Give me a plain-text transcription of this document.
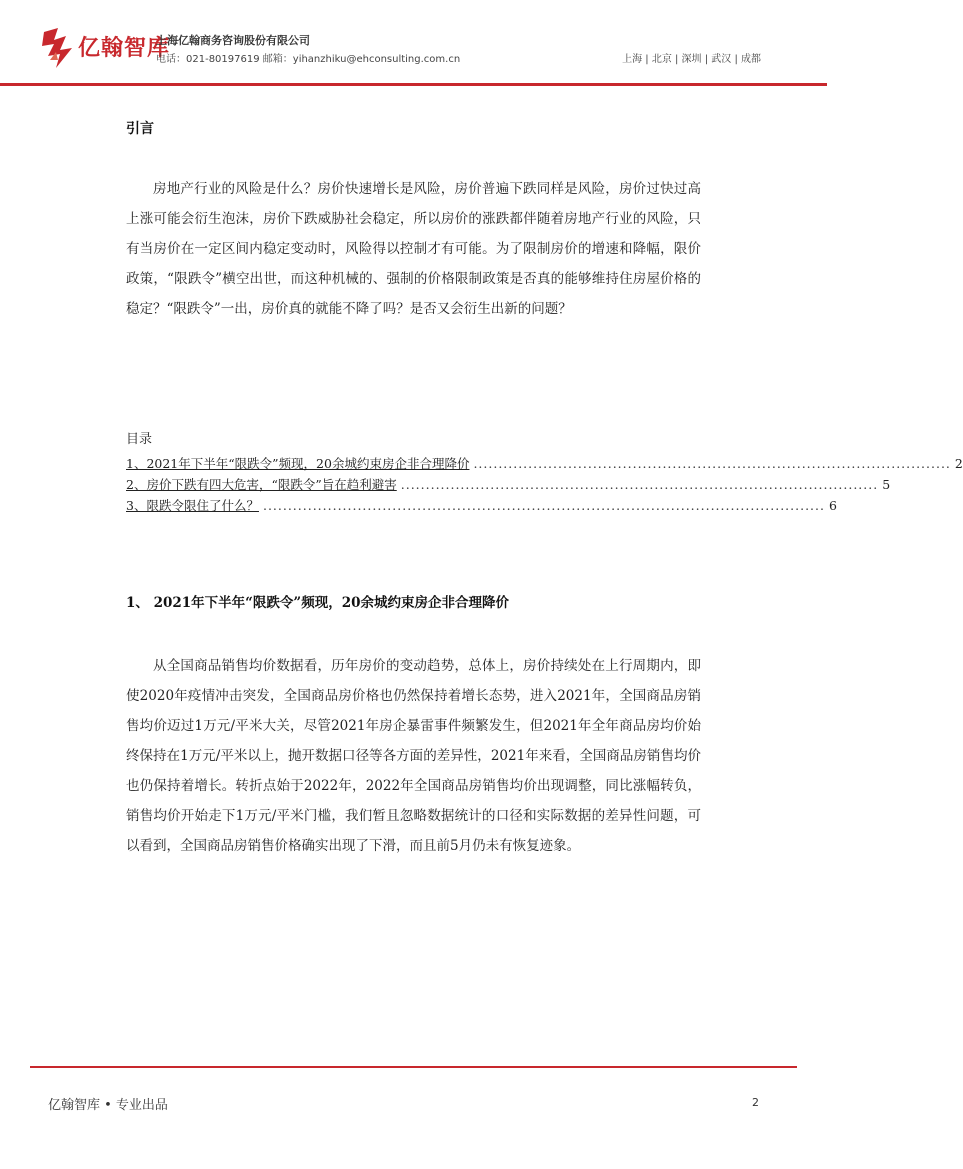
亿翰智库
上海亿翰商务咨询股份有限公司
电话：021-80197619 邮箱：yihanzhiku@ehconsulting.com.cn	上海 | 北京 | 深圳 | 武汉 | 成都
引言
房地产行业的风险是什么？房价快速增长是风险，房价普遍下跌同样是风险，房价过快过高上涨可能会衍生泡沫，房价下跌威胁社会稳定，所以房价的涨跌都伴随着房地产行业的风险，只有当房价在一定区间内稳定变动时，风险得以控制才有可能。为了限制房价的增速和降幅，限价政策，“限跌令”横空出世，而这种机械的、强制的价格限制政策是否真的能够维持住房屋价格的稳定？“限跌令”一出，房价真的就能不降了吗？是否又会衍生出新的问题？
目录
1、2021年下半年“限跌令”频现，20余城约束房企非合理降价 ................................................................................................ 2
2、房价下跌有四大危害，“限跌令”旨在趋利避害 ................................................................................................ 5
3、限跌令限住了什么？ ................................................................................................................. 6
1、 2021年下半年“限跌令”频现，20余城约束房企非合理降价
从全国商品销售均价数据看，历年房价的变动趋势，总体上，房价持续处在上行周期内，即使2020年疫情冲击突发，全国商品房价格也仍然保持着增长态势，进入2021年，全国商品房销售均价迈过1万元/平米大关，尽管2021年房企暴雷事件频繁发生，但2021年全年商品房均价始终保持在1万元/平米以上，抛开数据口径等各方面的差异性，2021年来看，全国商品房销售均价也仍保持着增长。转折点始于2022年，2022年全国商品房销售均价出现调整，同比涨幅转负，销售均价开始走下1万元/平米门槛，我们暂且忽略数据统计的口径和实际数据的差异性问题，可以看到，全国商品房销售价格确实出现了下滑，而且前5月仍未有恢复迹象。
亿翰智库 • 专业出品	2
